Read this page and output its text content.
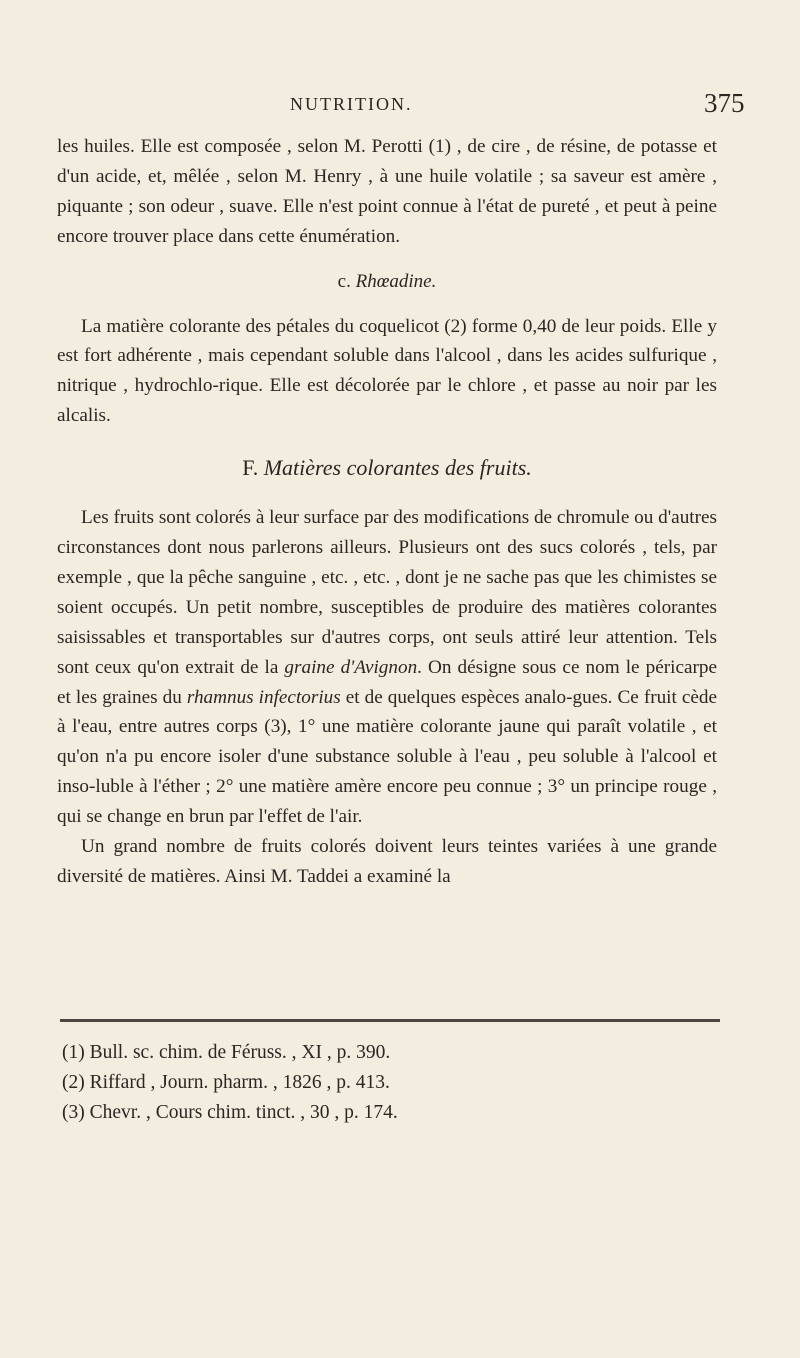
NUTRITION.	375

les huiles. Elle est composée , selon M. Perotti (1) , de cire , de résine, de potasse et d'un acide, et, mêlée , selon M. Henry , à une huile volatile ; sa saveur est amère , piquante ; son odeur , suave. Elle n'est point connue à l'état de pureté , et peut à peine encore trouver place dans cette énumération.

c. Rhœadine.

La matière colorante des pétales du coquelicot (2) forme 0,40 de leur poids. Elle y est fort adhérente , mais cependant soluble dans l'alcool , dans les acides sulfurique , nitrique , hydrochlo-rique. Elle est décolorée par le chlore , et passe au noir par les alcalis.

F. Matières colorantes des fruits.

Les fruits sont colorés à leur surface par des modifications de chromule ou d'autres circonstances dont nous parlerons ailleurs. Plusieurs ont des sucs colorés , tels, par exemple , que la pêche sanguine , etc. , etc. , dont je ne sache pas que les chimistes se soient occupés. Un petit nombre, susceptibles de produire des matières colorantes saisissables et transportables sur d'autres corps, ont seuls attiré leur attention. Tels sont ceux qu'on extrait de la graine d'Avignon. On désigne sous ce nom le péricarpe et les graines du rhamnus infectorius et de quelques espèces analo-gues. Ce fruit cède à l'eau, entre autres corps (3), 1° une matière colorante jaune qui paraît volatile , et qu'on n'a pu encore isoler d'une substance soluble à l'eau , peu soluble à l'alcool et inso-luble à l'éther ; 2° une matière amère encore peu connue ; 3° un principe rouge , qui se change en brun par l'effet de l'air.

Un grand nombre de fruits colorés doivent leurs teintes variées à une grande diversité de matières. Ainsi M. Taddei a examiné la

(1) Bull. sc. chim. de Féruss. , XI , p. 390.

(2) Riffard , Journ. pharm. , 1826 , p. 413.

(3) Chevr. , Cours chim. tinct. , 30 , p. 174.
